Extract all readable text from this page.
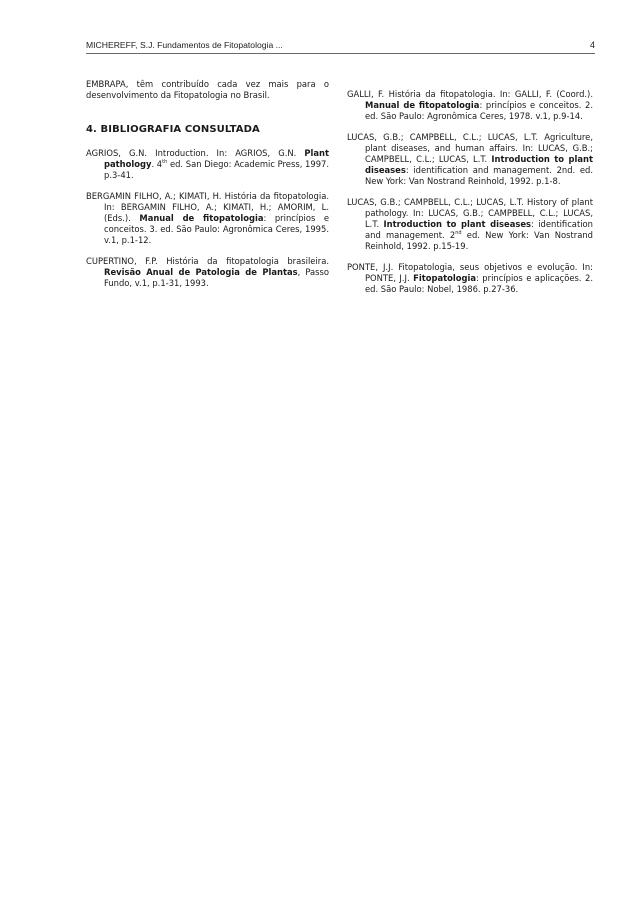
MICHEREFF, S.J. Fundamentos de Fitopatologia ...	4

EMBRAPA, têm contribuído cada vez mais para o desenvolvimento da Fitopatologia no Brasil.

4. BIBLIOGRAFIA CONSULTADA

AGRIOS, G.N. Introduction. In: AGRIOS, G.N. Plant pathology. 4th ed. San Diego: Academic Press, 1997. p.3-41.

BERGAMIN FILHO, A.; KIMATI, H. História da fitopatologia. In: BERGAMIN FILHO, A.; KIMATI, H.; AMORIM, L. (Eds.). Manual de fitopatologia: princípios e conceitos. 3. ed. São Paulo: Agronômica Ceres, 1995. v.1, p.1-12.

CUPERTINO, F.P. História da fitopatologia brasileira. Revisão Anual de Patologia de Plantas, Passo Fundo, v.1, p.1-31, 1993.

GALLI, F. História da fitopatologia. In: GALLI, F. (Coord.). Manual de fitopatologia: princípios e conceitos. 2. ed. São Paulo: Agronômica Ceres, 1978. v.1, p.9-14.

LUCAS, G.B.; CAMPBELL, C.L.; LUCAS, L.T. Agriculture, plant diseases, and human affairs. In: LUCAS, G.B.; CAMPBELL, C.L.; LUCAS, L.T. Introduction to plant diseases: identification and management. 2nd. ed. New York: Van Nostrand Reinhold, 1992. p.1-8.

LUCAS, G.B.; CAMPBELL, C.L.; LUCAS, L.T. History of plant pathology. In: LUCAS, G.B.; CAMPBELL, C.L.; LUCAS, L.T. Introduction to plant diseases: identification and management. 2nd ed. New York: Van Nostrand Reinhold, 1992. p.15-19.

PONTE, J.J. Fitopatologia, seus objetivos e evolução. In: PONTE, J.J. Fitopatologia: princípios e aplicações. 2. ed. São Paulo: Nobel, 1986. p.27-36.
